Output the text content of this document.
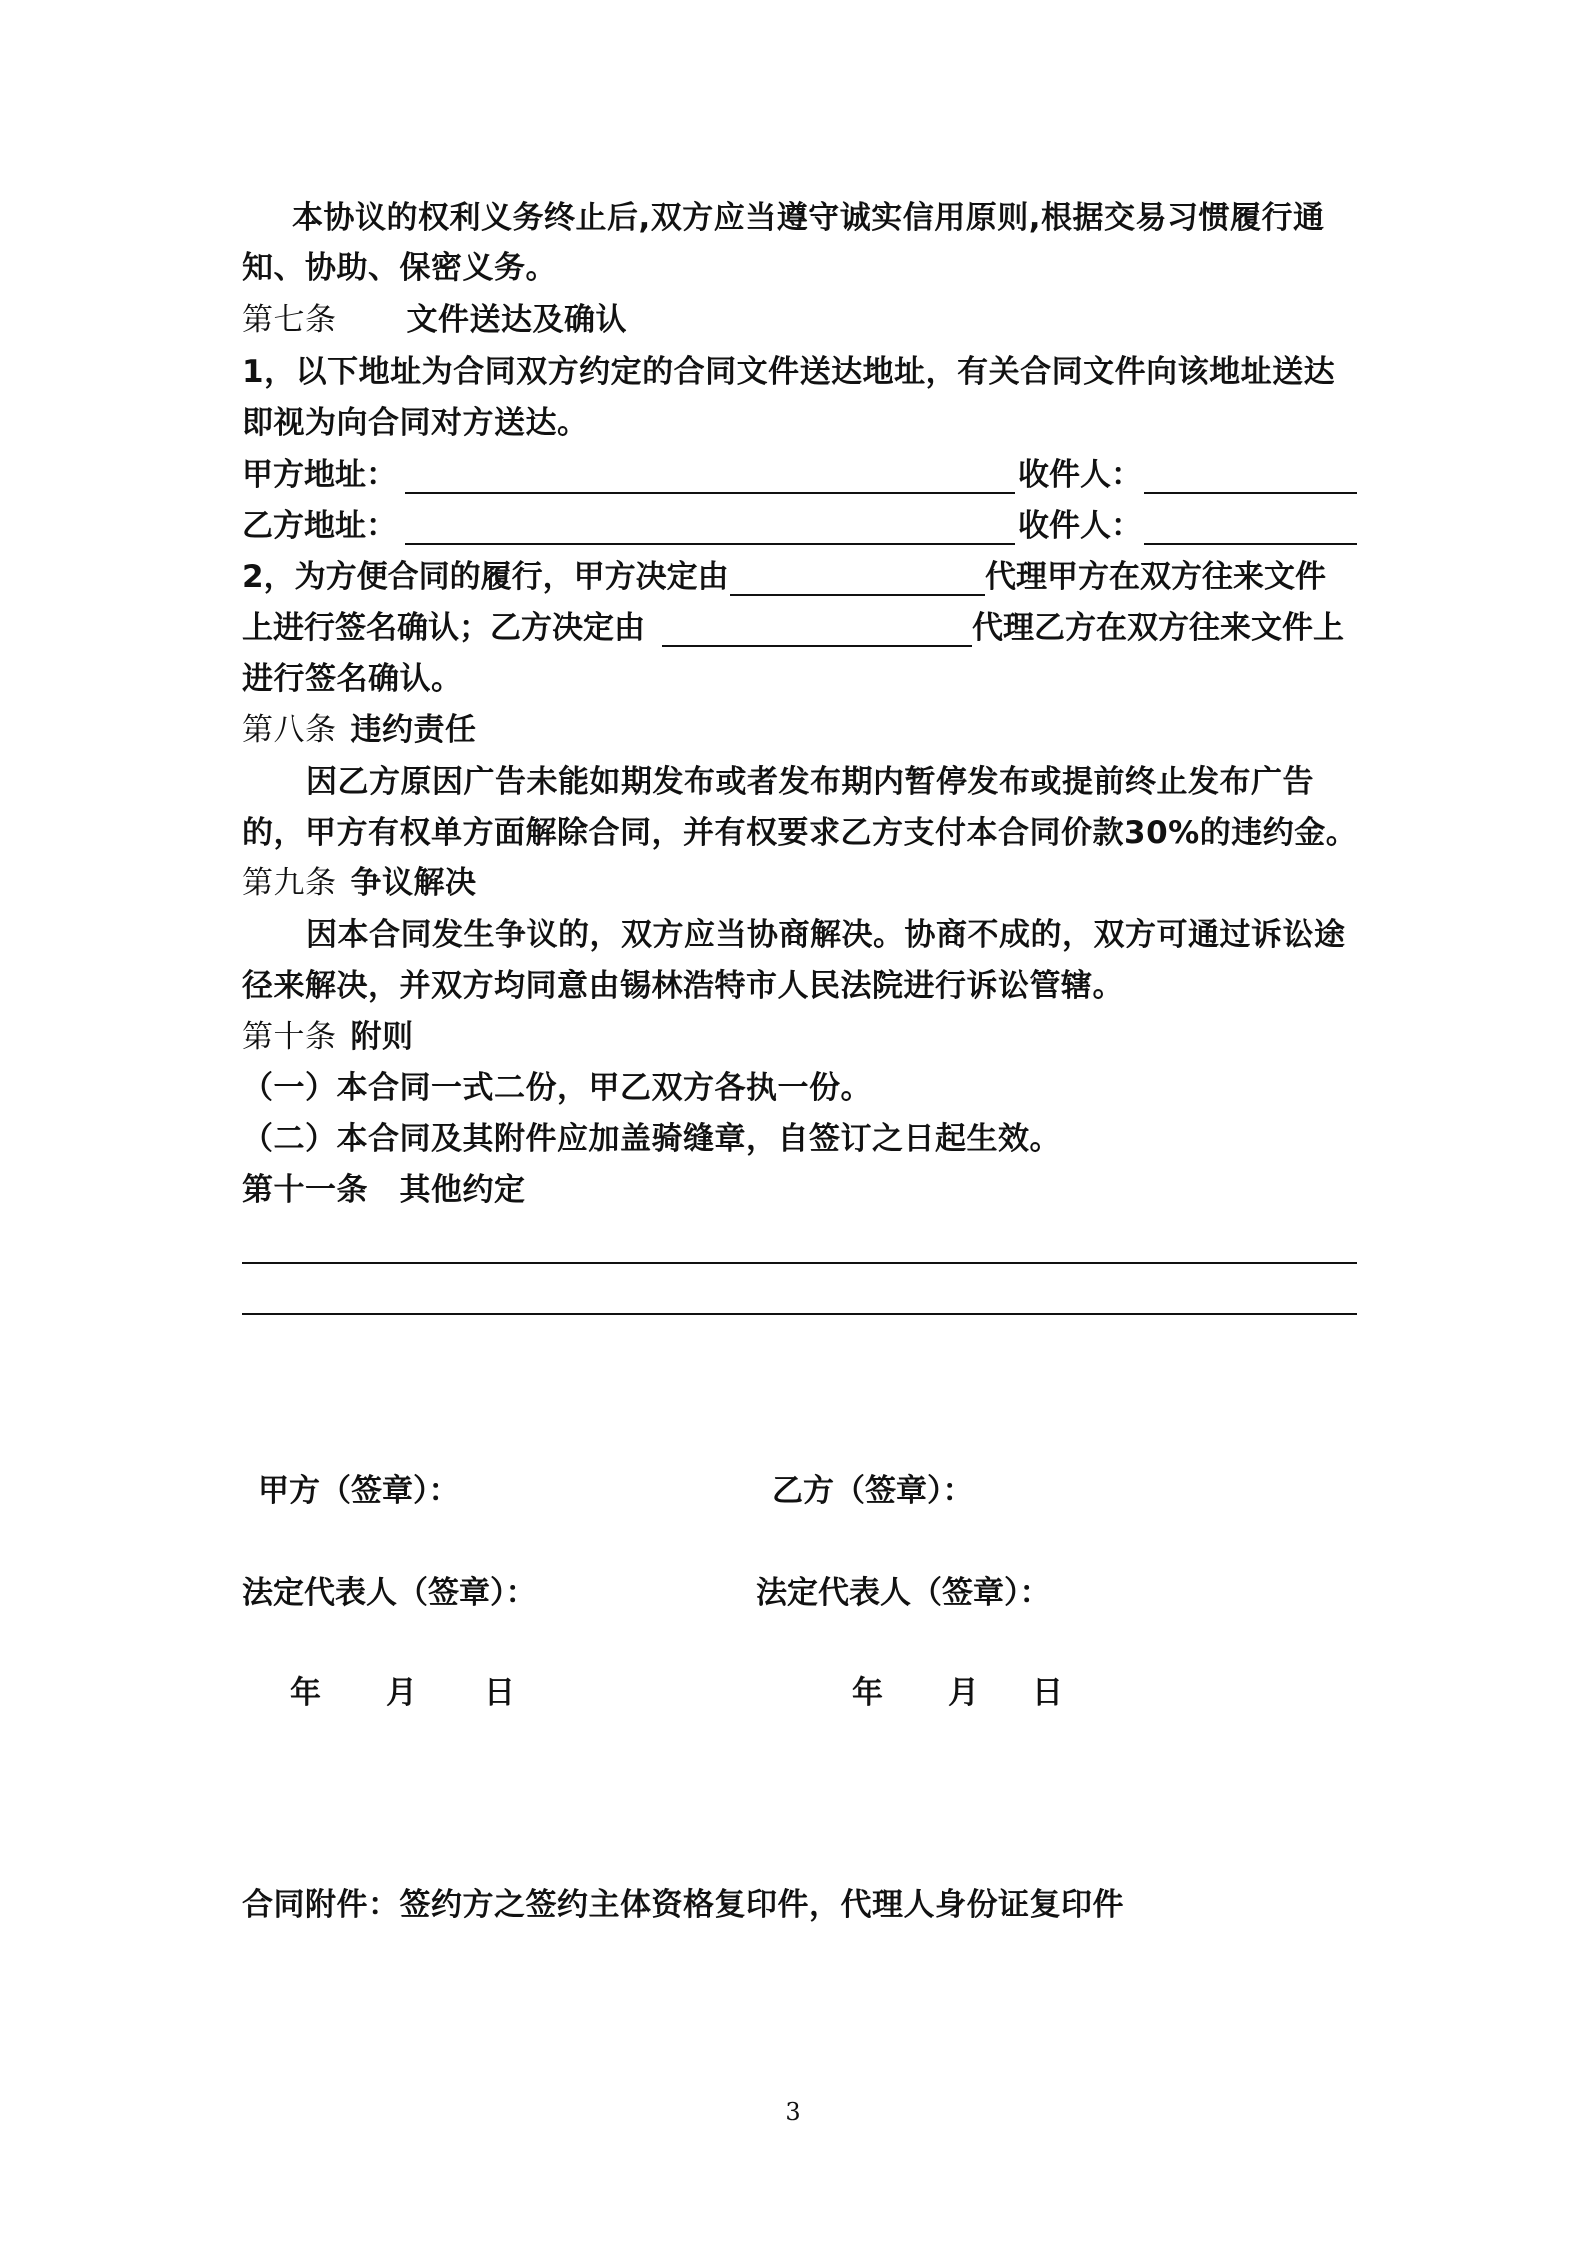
本协议的权利义务终止后,双方应当遵守诚实信用原则,根据交易习惯履行通
知、协助、保密义务。
第七条 文件送达及确认
1，以下地址为合同双方约定的合同文件送达地址，有关合同文件向该地址送达
即视为向合同对方送达。
甲方地址：	收件人：
乙方地址：	收件人：
2，为方便合同的履行，甲方决定由	代理甲方在双方往来文件
上进行签名确认；乙方决定由	代理乙方在双方往来文件上
进行签名确认。
第八条 违约责任
因乙方原因广告未能如期发布或者发布期内暂停发布或提前终止发布广告
的，甲方有权单方面解除合同，并有权要求乙方支付本合同价款30%的违约金。
第九条 争议解决
因本合同发生争议的，双方应当协商解决。协商不成的，双方可通过诉讼途
径来解决，并双方均同意由锡林浩特市人民法院进行诉讼管辖。
第十条 附则
（一）本合同一式二份，甲乙双方各执一份。
（二）本合同及其附件应加盖骑缝章，自签订之日起生效。
第十一条　其他约定
甲方（签章）：	乙方（签章）：
法定代表人（签章）：	法定代表人（签章）：
年 月 日	年 月 日
合同附件：签约方之签约主体资格复印件，代理人身份证复印件
3
